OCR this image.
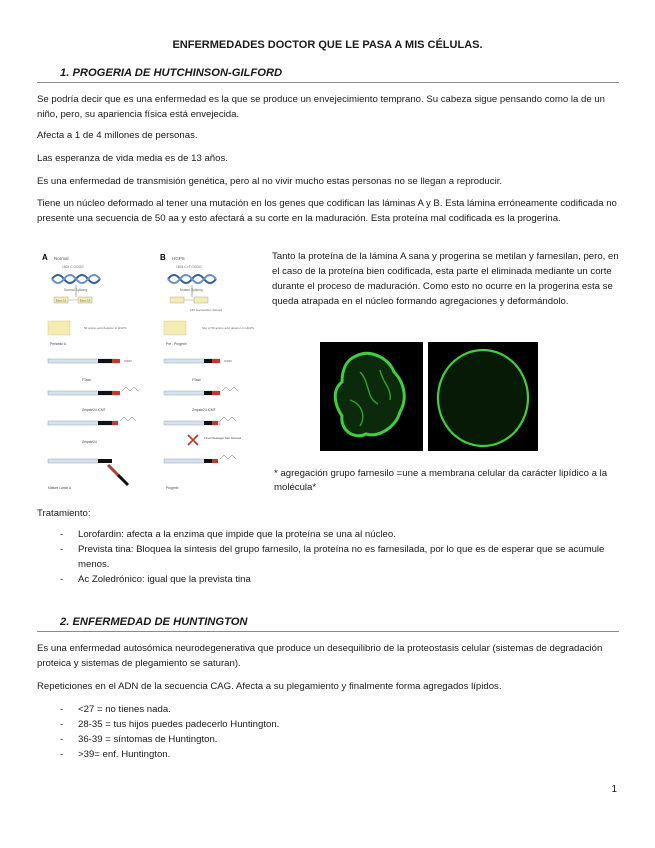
ENFERMEDADES DOCTOR QUE LE PASA A MIS CÉLULAS.
1. PROGERIA DE HUTCHINSON-GILFORD
Se podría decir que es una enfermedad es la que se produce un envejecimiento temprano. Su cabeza sigue pensando como la de un niño, pero, su apariencia física está envejecida.
Afecta a 1 de 4 millones de personas.
Las esperanza de vida media es de 13 años.
Es una enfermedad de transmisión genética, pero al no vivir mucho estas personas no se llegan a reproducir.
Tiene un núcleo deformado al tener una mutación en los genes que codifican las láminas A y B. Esta lámina erróneamente codificada no presente una secuencia de 50 aa y esto afectará a su corte en la maduración. Esta proteína mal codificada es la progerina.
A Normal
1824 C GGGG
Normal Splicing
Exon 11	Exon 12
Prelamin A
50 amino acid deletion in HGPS
CSIM
FTase
Zmpste24 ICMT
Zmpste24
Mature Lamin A
B HGPS
1824 C>T GGGG
Mutant Splicing
150 Nucleotides deleted
Pre - Progerin
Site of 50 amino acid deletion in HGPS
CSIM
FTase
Zmpste24 ICMT
Final Cleavage Site Deleted
Progerin
Tanto la proteína de la lámina A sana y progerina se metilan y farnesilan, pero, en el caso de la proteína bien codificada, esta parte el eliminada mediante un corte durante el proceso de maduración. Como esto no ocurre en la progerina esta se queda atrapada en el núcleo formando agregaciones y deformándolo.
* agregación grupo farnesilo =une a membrana celular da carácter lipídico a la molécula*
Tratamiento:
- Lorofardin: afecta a la enzima que impide que la proteína se una al núcleo.
- Prevista tina: Bloquea la síntesis del grupo farnesilo, la proteína no es farnesilada, por lo que es de esperar que se acumule menos.
- Ac Zoledrónico: igual que la prevista tina
2. ENFERMEDAD DE HUNTINGTON
Es una enfermedad autosómica neurodegenerativa que produce un desequilibrio de la proteostasis celular (sistemas de degradación proteica y sistemas de plegamiento se saturan).
Repeticiones en el ADN de la secuencia CAG. Afecta a su plegamiento y finalmente forma agregados lípidos.
- <27 = no tienes nada.
- 28-35 = tus hijos puedes padecerlo Huntington.
- 36-39 = síntomas de Huntington.
- >39= enf. Huntington.
1
